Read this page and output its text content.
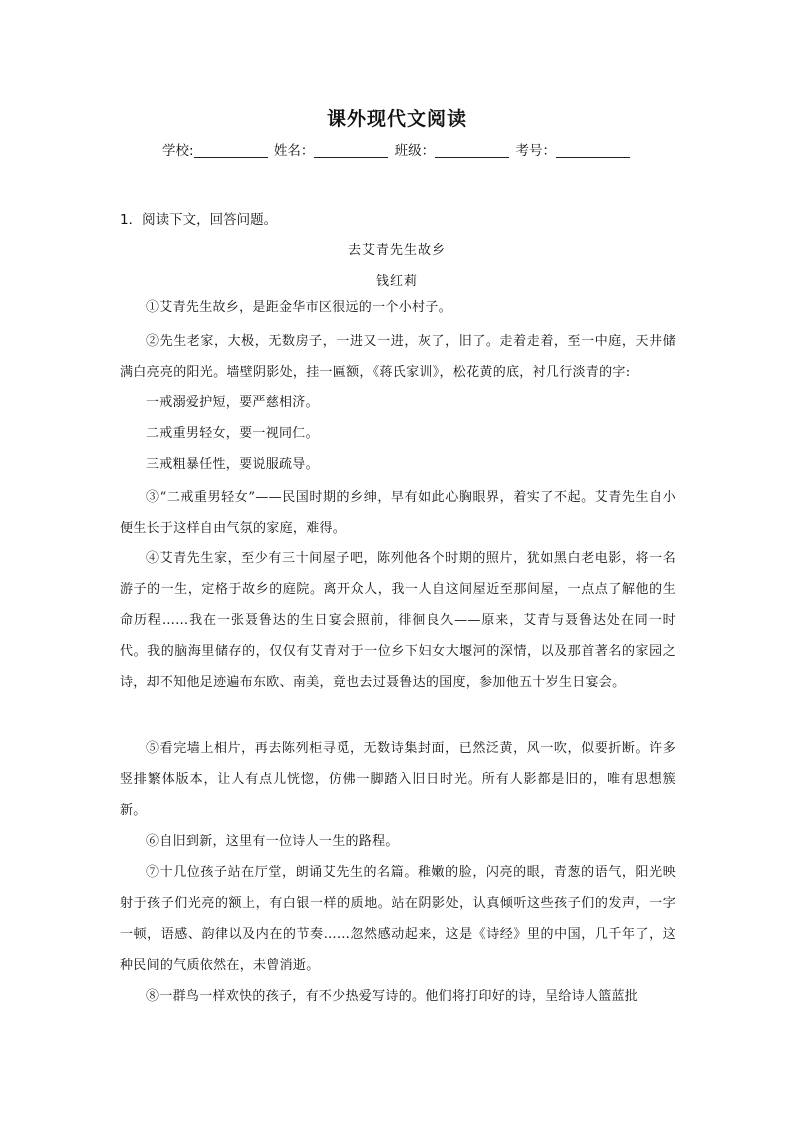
课外现代文阅读
学校:	姓名：	班级：	考号：
1．阅读下文，回答问题。
去艾青先生故乡
钱红莉
①艾青先生故乡，是距金华市区很远的一个小村子。
②先生老家，大极，无数房子，一进又一进，灰了，旧了。走着走着，至一中庭，天井储满白亮亮的阳光。墙壁阴影处，挂一匾额，《蒋氏家训》，松花黄的底，衬几行淡青的字:
一戒溺爱护短，要严慈相济。
二戒重男轻女，要一视同仁。
三戒粗暴任性，要说服疏导。
③“二戒重男轻女”——民国时期的乡绅，早有如此心胸眼界，着实了不起。艾青先生自小便生长于这样自由气氛的家庭，难得。
④艾青先生家，至少有三十间屋子吧，陈列他各个时期的照片，犹如黑白老电影，将一名游子的一生，定格于故乡的庭院。离开众人，我一人自这间屋近至那间屋，一点点了解他的生命历程……我在一张聂鲁达的生日宴会照前，徘徊良久——原来，艾青与聂鲁达处在同一时代。我的脑海里储存的，仅仅有艾青对于一位乡下妇女大堰河的深情，以及那首著名的家园之诗，却不知他足迹遍布东欧、南美，竟也去过聂鲁达的国度，参加他五十岁生日宴会。
⑤看完墙上相片，再去陈列柜寻觅，无数诗集封面，已然泛黄，风一吹，似要折断。许多竖排繁体版本，让人有点儿恍惚，仿佛一脚踏入旧日时光。所有人影都是旧的，唯有思想簇新。
⑥自旧到新，这里有一位诗人一生的路程。
⑦十几位孩子站在厅堂，朗诵艾先生的名篇。稚嫩的脸，闪亮的眼，青葱的语气，阳光映射于孩子们光亮的额上，有白银一样的质地。站在阴影处，认真倾听这些孩子们的发声，一字一顿，语感、韵律以及内在的节奏……忽然感动起来，这是《诗经》里的中国，几千年了，这种民间的气质依然在，未曾消逝。
⑧一群鸟一样欢快的孩子，有不少热爱写诗的。他们将打印好的诗，呈给诗人篮蓝批
